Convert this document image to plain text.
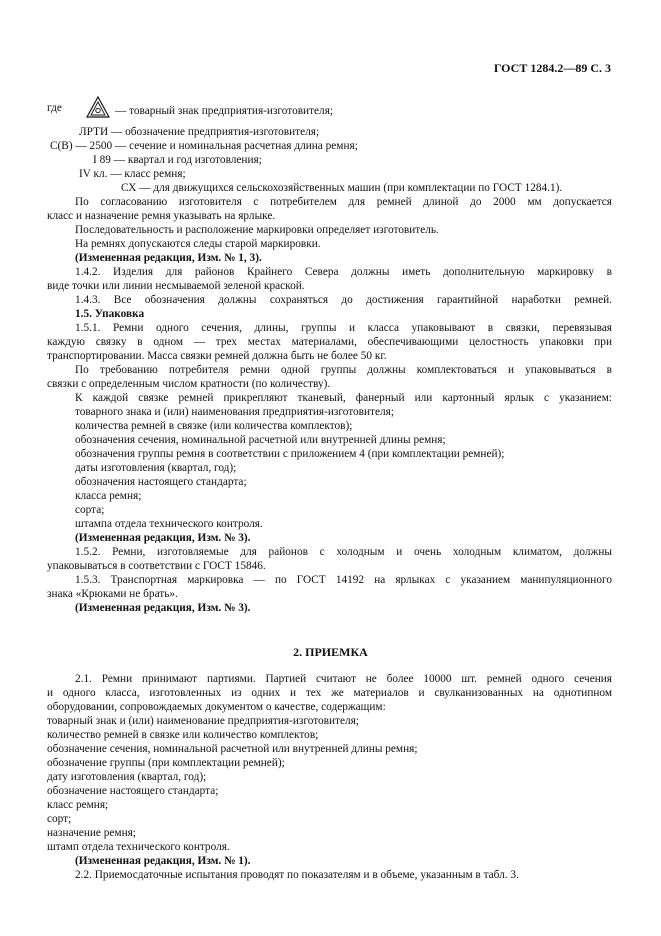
ГОСТ 1284.2—89 С. 3
где	— товарный знак предприятия-изготовителя;
ЛРТИ — обозначение предприятия-изготовителя;
С(В) — 2500 — сечение и номинальная расчетная длина ремня;
I 89 — квартал и год изготовления;
IV кл. — класс ремня;
СХ — для движущихся сельскохозяйственных машин (при комплектации по ГОСТ 1284.1).
По согласованию изготовителя с потребителем для ремней длиной до 2000 мм допускается
класс и назначение ремня указывать на ярлыке.
Последовательность и расположение маркировки определяет изготовитель.
На ремнях допускаются следы старой маркировки.
(Измененная редакция, Изм. № 1, 3).
1.4.2. Изделия для районов Крайнего Севера должны иметь дополнительную маркировку в
виде точки или линии несмываемой зеленой краской.
1.4.3. Все обозначения должны сохраняться до достижения гарантийной наработки ремней.
1.5. Упаковка
1.5.1. Ремни одного сечения, длины, группы и класса упаковывают в связки, перевязывая
каждую связку в одном — трех местах материалами, обеспечивающими целостность упаковки при
транспортировании. Масса связки ремней должна быть не более 50 кг.
По требованию потребителя ремни одной группы должны комплектоваться и упаковываться в
связки с определенным числом кратности (по количеству).
К каждой связке ремней прикрепляют тканевый, фанерный или картонный ярлык с указанием:
товарного знака и (или) наименования предприятия-изготовителя;
количества ремней в связке (или количества комплектов);
обозначения сечения, номинальной расчетной или внутренней длины ремня;
обозначения группы ремня в соответствии с приложением 4 (при комплектации ремней);
даты изготовления (квартал, год);
обозначения настоящего стандарта;
класса ремня;
сорта;
штампа отдела технического контроля.
(Измененная редакция, Изм. № 3).
1.5.2. Ремни, изготовляемые для районов с холодным и очень холодным климатом, должны
упаковываться в соответствии с ГОСТ 15846.
1.5.3. Транспортная маркировка — по ГОСТ 14192 на ярлыках с указанием манипуляционного
знака «Крюками не брать».
(Измененная редакция, Изм. № 3).
2. ПРИЕМКА
2.1. Ремни принимают партиями. Партией считают не более 10000 шт. ремней одного сечения
и одного класса, изготовленных из одних и тех же материалов и свулканизованных на однотипном
оборудовании, сопровождаемых документом о качестве, содержащим:
товарный знак и (или) наименование предприятия-изготовителя;
количество ремней в связке или количество комплектов;
обозначение сечения, номинальной расчетной или внутренней длины ремня;
обозначение группы (при комплектации ремней);
дату изготовления (квартал, год);
обозначение настоящего стандарта;
класс ремня;
сорт;
назначение ремня;
штамп отдела технического контроля.
(Измененная редакция, Изм. № 1).
2.2. Приемосдаточные испытания проводят по показателям и в объеме, указанным в табл. 3.
